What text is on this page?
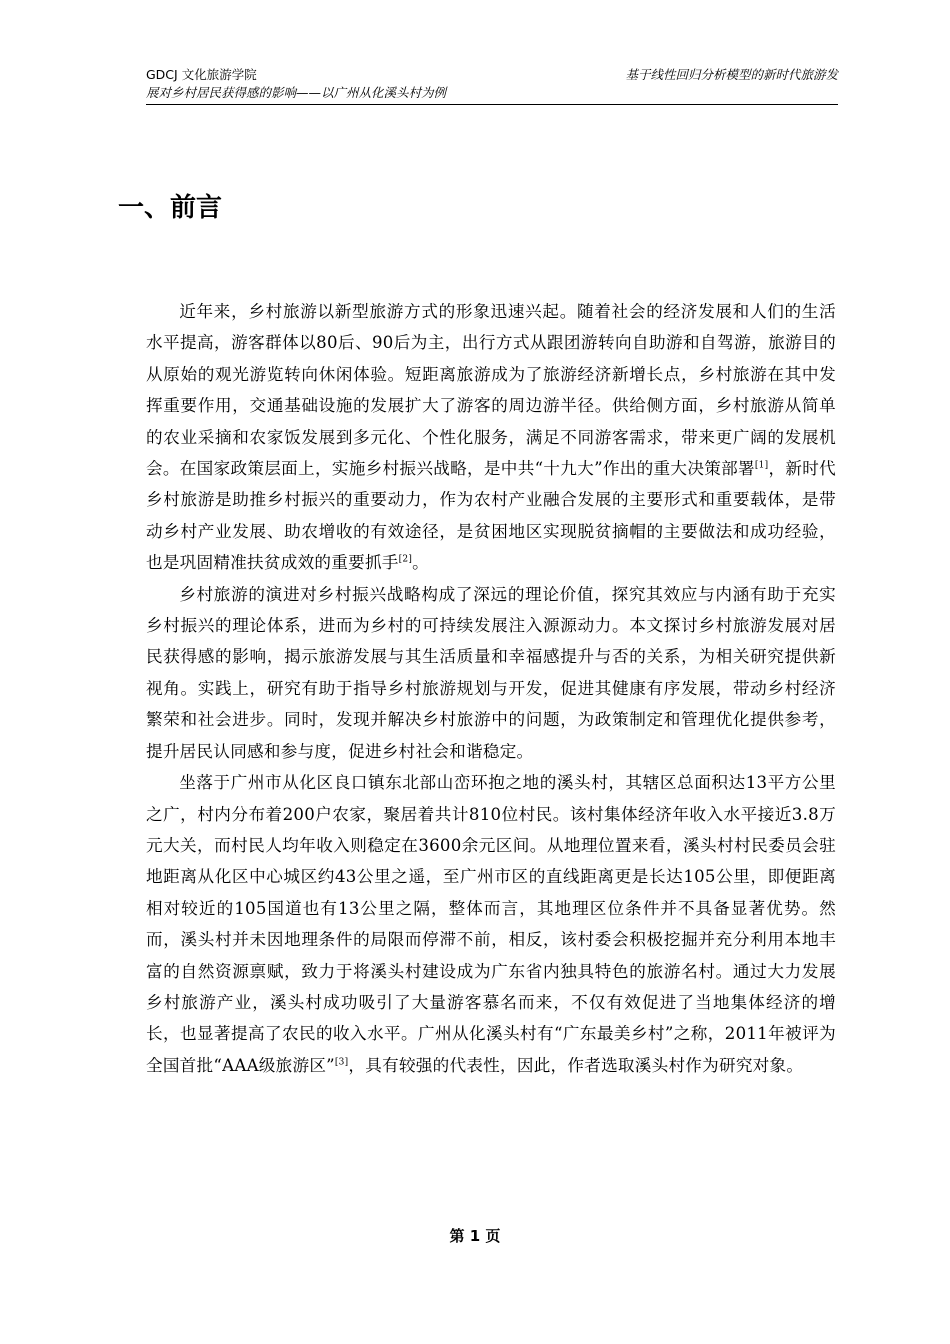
GDCJ 文化旅游学院
展对乡村居民获得感的影响——以广州从化溪头村为例
基于线性回归分析模型的新时代旅游发
一、前言

近年来，乡村旅游以新型旅游方式的形象迅速兴起。随着社会的经济发展和人们的生活水平提高，游客群体以80后、90后为主，出行方式从跟团游转向自助游和自驾游，旅游目的从原始的观光游览转向休闲体验。短距离旅游成为了旅游经济新增长点，乡村旅游在其中发挥重要作用，交通基础设施的发展扩大了游客的周边游半径。供给侧方面，乡村旅游从简单的农业采摘和农家饭发展到多元化、个性化服务，满足不同游客需求，带来更广阔的发展机会。在国家政策层面上，实施乡村振兴战略，是中共“十九大”作出的重大决策部署[1]，新时代乡村旅游是助推乡村振兴的重要动力，作为农村产业融合发展的主要形式和重要载体，是带动乡村产业发展、助农增收的有效途径，是贫困地区实现脱贫摘帽的主要做法和成功经验，也是巩固精准扶贫成效的重要抓手[2]。

乡村旅游的演进对乡村振兴战略构成了深远的理论价值，探究其效应与内涵有助于充实乡村振兴的理论体系，进而为乡村的可持续发展注入源源动力。本文探讨乡村旅游发展对居民获得感的影响，揭示旅游发展与其生活质量和幸福感提升与否的关系，为相关研究提供新视角。实践上，研究有助于指导乡村旅游规划与开发，促进其健康有序发展，带动乡村经济繁荣和社会进步。同时，发现并解决乡村旅游中的问题，为政策制定和管理优化提供参考，提升居民认同感和参与度，促进乡村社会和谐稳定。

坐落于广州市从化区良口镇东北部山峦环抱之地的溪头村，其辖区总面积达13平方公里之广，村内分布着200户农家，聚居着共计810位村民。该村集体经济年收入水平接近3.8万元大关，而村民人均年收入则稳定在3600余元区间。从地理位置来看，溪头村村民委员会驻地距离从化区中心城区约43公里之遥，至广州市区的直线距离更是长达105公里，即便距离相对较近的105国道也有13公里之隔，整体而言，其地理区位条件并不具备显著优势。然而，溪头村并未因地理条件的局限而停滞不前，相反，该村委会积极挖掘并充分利用本地丰富的自然资源禀赋，致力于将溪头村建设成为广东省内独具特色的旅游名村。通过大力发展乡村旅游产业，溪头村成功吸引了大量游客慕名而来，不仅有效促进了当地集体经济的增长，也显著提高了农民的收入水平。广州从化溪头村有“广东最美乡村”之称，2011年被评为全国首批“AAA级旅游区”[3]，具有较强的代表性，因此，作者选取溪头村作为研究对象。

第 1 页
